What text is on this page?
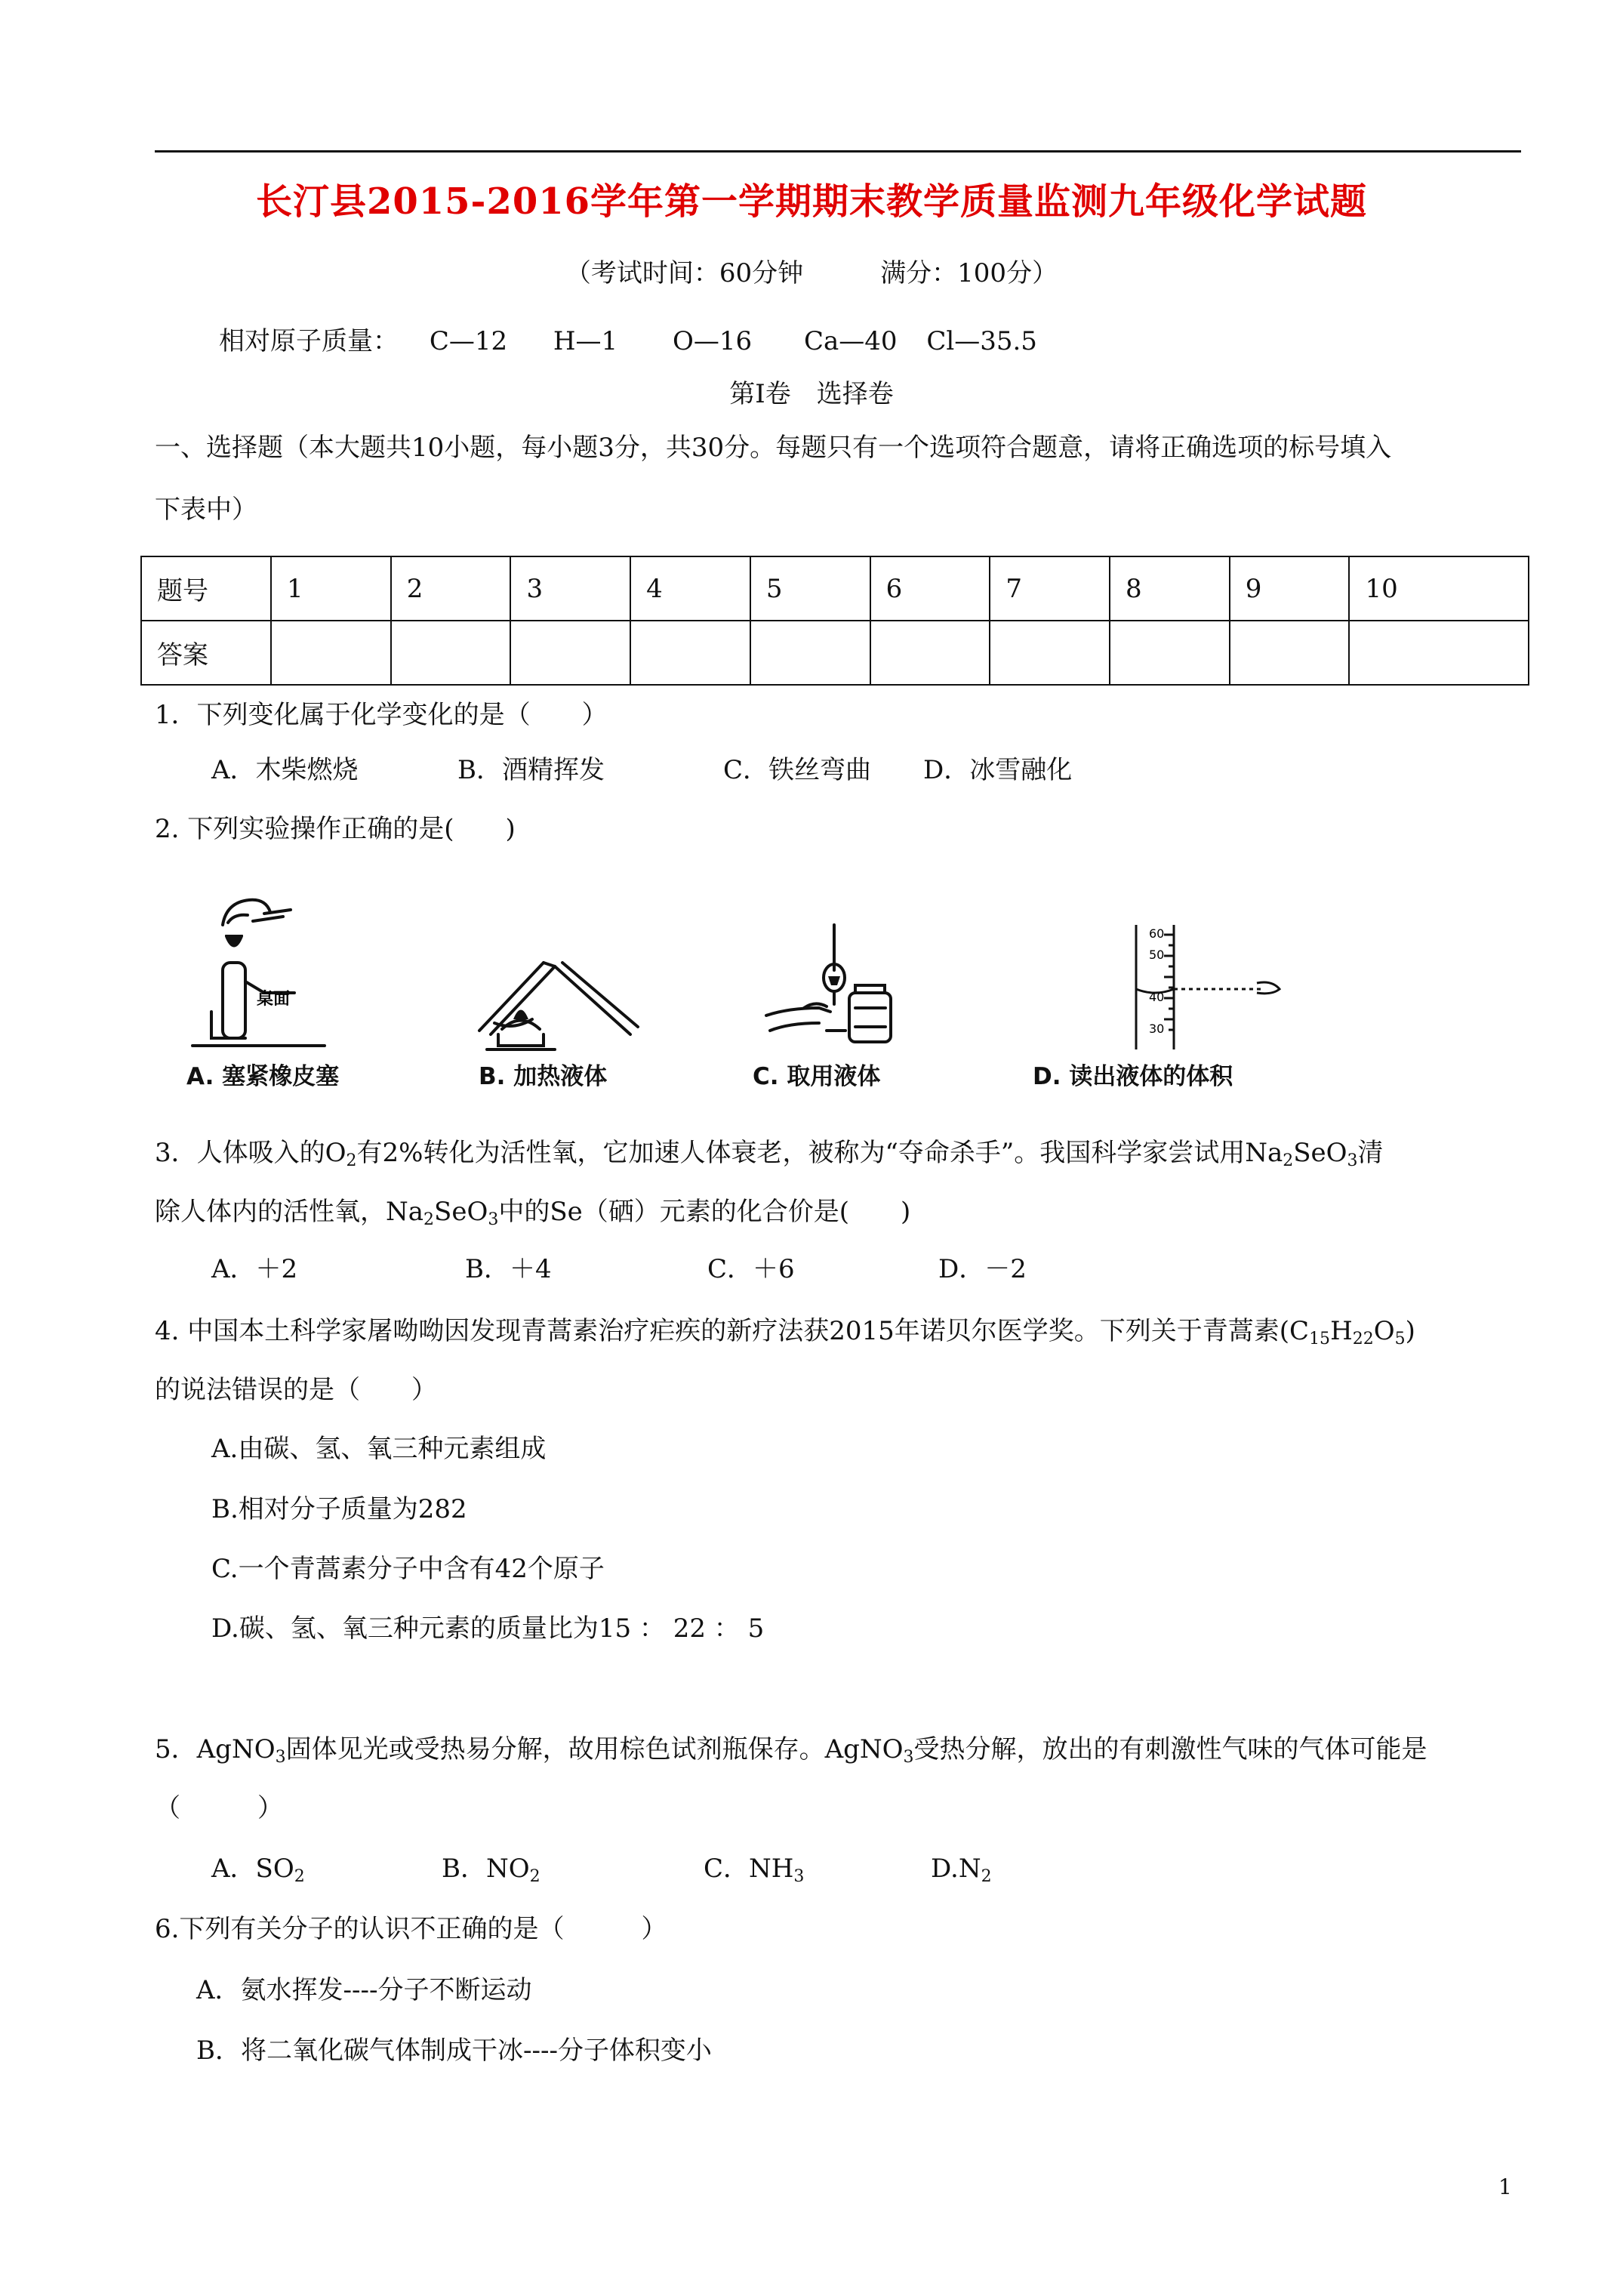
长汀县2015-2016学年第一学期期末教学质量监测九年级化学试题
（考试时间：60分钟　　　满分：100分）
相对原子质量： C—12 H—1 O—16 Ca—40 Cl—35.5
第Ⅰ卷　选择卷
一、选择题（本大题共10小题，每小题3分，共30分。每题只有一个选项符合题意，请将正确选项的标号填入
下表中）
题号	1	2	3	4	5	6	7	8	9	10
答案										
1．下列变化属于化学变化的是（　　）
A．木柴燃烧	B．酒精挥发	C．铁丝弯曲 D．冰雪融化
2. 下列实验操作正确的是(　　)
桌面
A. 塞紧橡皮塞	B. 加热液体	C. 取用液体
60
50
40
30
D. 读出液体的体积
3．人体吸入的$O_2$有2%转化为活性氧，它加速人体衰老，被称为“夺命杀手”。我国科学家尝试用$Na_2SeO_3$清
除人体内的活性氧，$Na_2SeO_3$中的Se（硒）元素的化合价是(　　)
A．＋2	B．＋4	C．＋6	D．－2
4. 中国本土科学家屠呦呦因发现青蒿素治疗疟疾的新疗法获2015年诺贝尔医学奖。下列关于青蒿素$(C_{15}H_{22}O_5)$
的说法错误的是（　　）
A.由碳、氢、氧三种元素组成
B.相对分子质量为282
C.一个青蒿素分子中含有42个原子
D.碳、氢、氧三种元素的质量比为15 ： 22 ： 5
5．AgNO$_3$固体见光或受热易分解，故用棕色试剂瓶保存。AgNO$_3$受热分解，放出的有刺激性气味的气体可能是
（　　　）
A．$SO_2$	B．$NO_2$	C．$NH_3$	$D.N_2$
6.下列有关分子的认识不正确的是（　　　）
A．氨水挥发----分子不断运动
B．将二氧化碳气体制成干冰----分子体积变小
1
